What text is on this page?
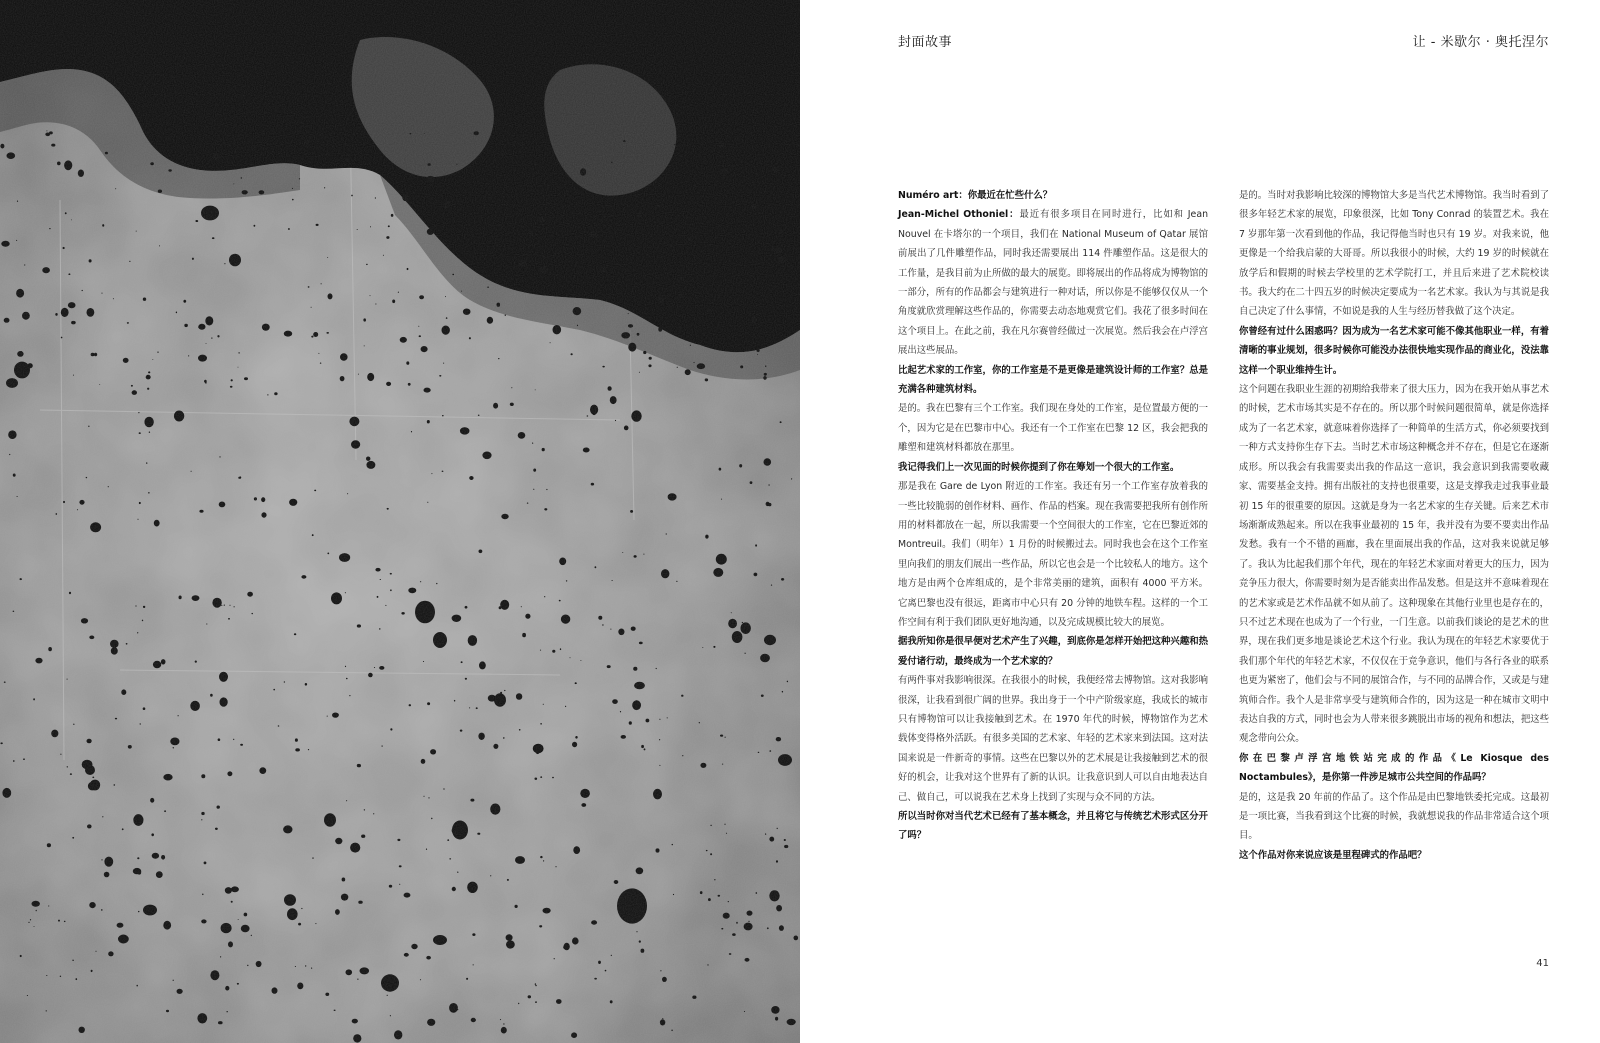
封面故事	让 - 米歇尔 · 奥托涅尔

Numéro art：你最近在忙些什么？

Jean-Michel Othoniel：最近有很多项目在同时进行，比如和 Jean Nouvel 在卡塔尔的一个项目，我们在 National Museum of Qatar 展馆前展出了几件雕塑作品，同时我还需要展出 114 件雕塑作品。这是很大的工作量，是我目前为止所做的最大的展览。即将展出的作品将成为博物馆的一部分，所有的作品都会与建筑进行一种对话，所以你是不能够仅仅从一个角度就欣赏理解这些作品的，你需要去动态地观赏它们。我花了很多时间在这个项目上。在此之前，我在凡尔赛曾经做过一次展览。然后我会在卢浮宫展出这些展品。

比起艺术家的工作室，你的工作室是不是更像是建筑设计师的工作室？总是充满各种建筑材料。

是的。我在巴黎有三个工作室。我们现在身处的工作室，是位置最方便的一个，因为它是在巴黎市中心。我还有一个工作室在巴黎 12 区，我会把我的雕塑和建筑材料都放在那里。

我记得我们上一次见面的时候你提到了你在筹划一个很大的工作室。

那是我在 Gare de Lyon 附近的工作室。我还有另一个工作室存放着我的一些比较脆弱的创作材料、画作、作品的档案。现在我需要把我所有创作所用的材料都放在一起，所以我需要一个空间很大的工作室，它在巴黎近郊的 Montreuil。我们（明年）1 月份的时候搬过去。同时我也会在这个工作室里向我们的朋友们展出一些作品，所以它也会是一个比较私人的地方。这个地方是由两个仓库组成的，是个非常美丽的建筑，面积有 4000 平方米。它离巴黎也没有很远，距离市中心只有 20 分钟的地铁车程。这样的一个工作空间有利于我们团队更好地沟通，以及完成规模比较大的展览。

据我所知你是很早便对艺术产生了兴趣，到底你是怎样开始把这种兴趣和热爱付诸行动，最终成为一个艺术家的？

有两件事对我影响很深。在我很小的时候，我便经常去博物馆。这对我影响很深，让我看到很广阔的世界。我出身于一个中产阶级家庭，我成长的城市只有博物馆可以让我接触到艺术。在 1970 年代的时候，博物馆作为艺术载体变得格外活跃。有很多美国的艺术家、年轻的艺术家来到法国。这对法国来说是一件新奇的事情。这些在巴黎以外的艺术展是让我接触到艺术的很好的机会，让我对这个世界有了新的认识。让我意识到人可以自由地表达自己、做自己，可以说我在艺术身上找到了实现与众不同的方法。

所以当时你对当代艺术已经有了基本概念，并且将它与传统艺术形式区分开了吗？

是的。当时对我影响比较深的博物馆大多是当代艺术博物馆。我当时看到了很多年轻艺术家的展览，印象很深，比如 Tony Conrad 的装置艺术。我在 7 岁那年第一次看到他的作品，我记得他当时也只有 19 岁。对我来说，他更像是一个给我启蒙的大哥哥。所以我很小的时候，大约 19 岁的时候就在放学后和假期的时候去学校里的艺术学院打工，并且后来进了艺术院校读书。我大约在二十四五岁的时候决定要成为一名艺术家。我认为与其说是我自己决定了什么事情，不如说是我的人生与经历替我做了这个决定。

你曾经有过什么困惑吗？因为成为一名艺术家可能不像其他职业一样，有着清晰的事业规划，很多时候你可能没办法很快地实现作品的商业化，没法靠这样一个职业维持生计。

这个问题在我职业生涯的初期给我带来了很大压力，因为在我开始从事艺术的时候，艺术市场其实是不存在的。所以那个时候问题很简单，就是你选择成为了一名艺术家，就意味着你选择了一种简单的生活方式，你必须要找到一种方式支持你生存下去。当时艺术市场这种概念并不存在，但是它在逐渐成形。所以我会有我需要卖出我的作品这一意识，我会意识到我需要收藏家、需要基金支持。拥有出版社的支持也很重要，这是支撑我走过我事业最初 15 年的很重要的原因。这就是身为一名艺术家的生存关键。后来艺术市场渐渐成熟起来。所以在我事业最初的 15 年，我并没有为要不要卖出作品发愁。我有一个不错的画廊，我在里面展出我的作品，这对我来说就足够了。我认为比起我们那个年代，现在的年轻艺术家面对着更大的压力，因为竞争压力很大，你需要时刻为是否能卖出作品发愁。但是这并不意味着现在的艺术家或是艺术作品就不如从前了。这种现象在其他行业里也是存在的，只不过艺术现在也成为了一个行业，一门生意。以前我们谈论的是艺术的世界，现在我们更多地是谈论艺术这个行业。我认为现在的年轻艺术家要优于我们那个年代的年轻艺术家，不仅仅在于竞争意识，他们与各行各业的联系也更为紧密了，他们会与不同的展馆合作，与不同的品牌合作，又或是与建筑师合作。我个人是非常享受与建筑师合作的，因为这是一种在城市文明中表达自我的方式，同时也会为人带来很多跳脱出市场的视角和想法，把这些观念带向公众。

你在巴黎卢浮宫地铁站完成的作品《Le Kiosque des Noctambules》，是你第一件涉足城市公共空间的作品吗？

是的，这是我 20 年前的作品了。这个作品是由巴黎地铁委托完成。这最初是一项比赛，当我看到这个比赛的时候，我就想说我的作品非常适合这个项目。

这个作品对你来说应该是里程碑式的作品吧？

41
